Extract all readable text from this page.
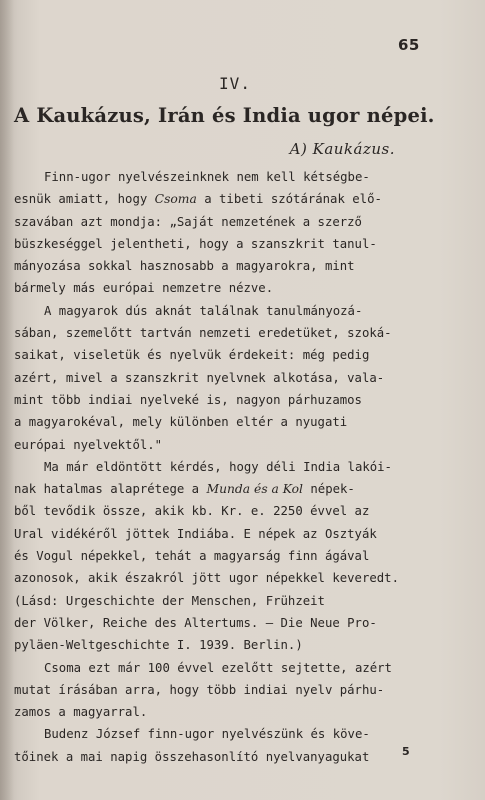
65
IV.
A Kaukázus, Irán és India ugor népei.
A) Kaukázus.
Finn-ugor nyelvészeinknek nem kell kétségbe-
esnük amiatt, hogy Csoma a tibeti szótárának elő-
szavában azt mondja: „Saját nemzetének a szerző
büszkeséggel jelentheti, hogy a szanszkrit tanul-
mányozása sokkal hasznosabb a magyarokra, mint
bármely más európai nemzetre nézve.
A magyarok dús aknát találnak tanulmányozá-
sában, szemelőtt tartván nemzeti eredetüket, szoká-
saikat, viseletük és nyelvük érdekeit: még pedig
azért, mivel a szanszkrit nyelvnek alkotása, vala-
mint több indiai nyelveké is, nagyon párhuzamos
a magyarokéval, mely különben eltér a nyugati
európai nyelvektől."
Ma már eldöntött kérdés, hogy déli India lakói-
nak hatalmas alaprétege a Munda és a Kol népek-
ből tevődik össze, akik kb. Kr. e. 2250 évvel az
Ural vidékéről jöttek Indiába. E népek az Osztyák
és Vogul népekkel, tehát a magyarság finn ágával
azonosok, akik északról jött ugor népekkel keveredt.
(Lásd: Urgeschichte der Menschen, Frühzeit
der Völker, Reiche des Altertums. — Die Neue Pro-
pyläen-Weltgeschichte I. 1939. Berlin.)
Csoma ezt már 100 évvel ezelőtt sejtette, azért
mutat írásában arra, hogy több indiai nyelv párhu-
zamos a magyarral.
Budenz József finn-ugor nyelvészünk és köve-
tőinek a mai napig összehasonlító nyelvanyagukat	5
